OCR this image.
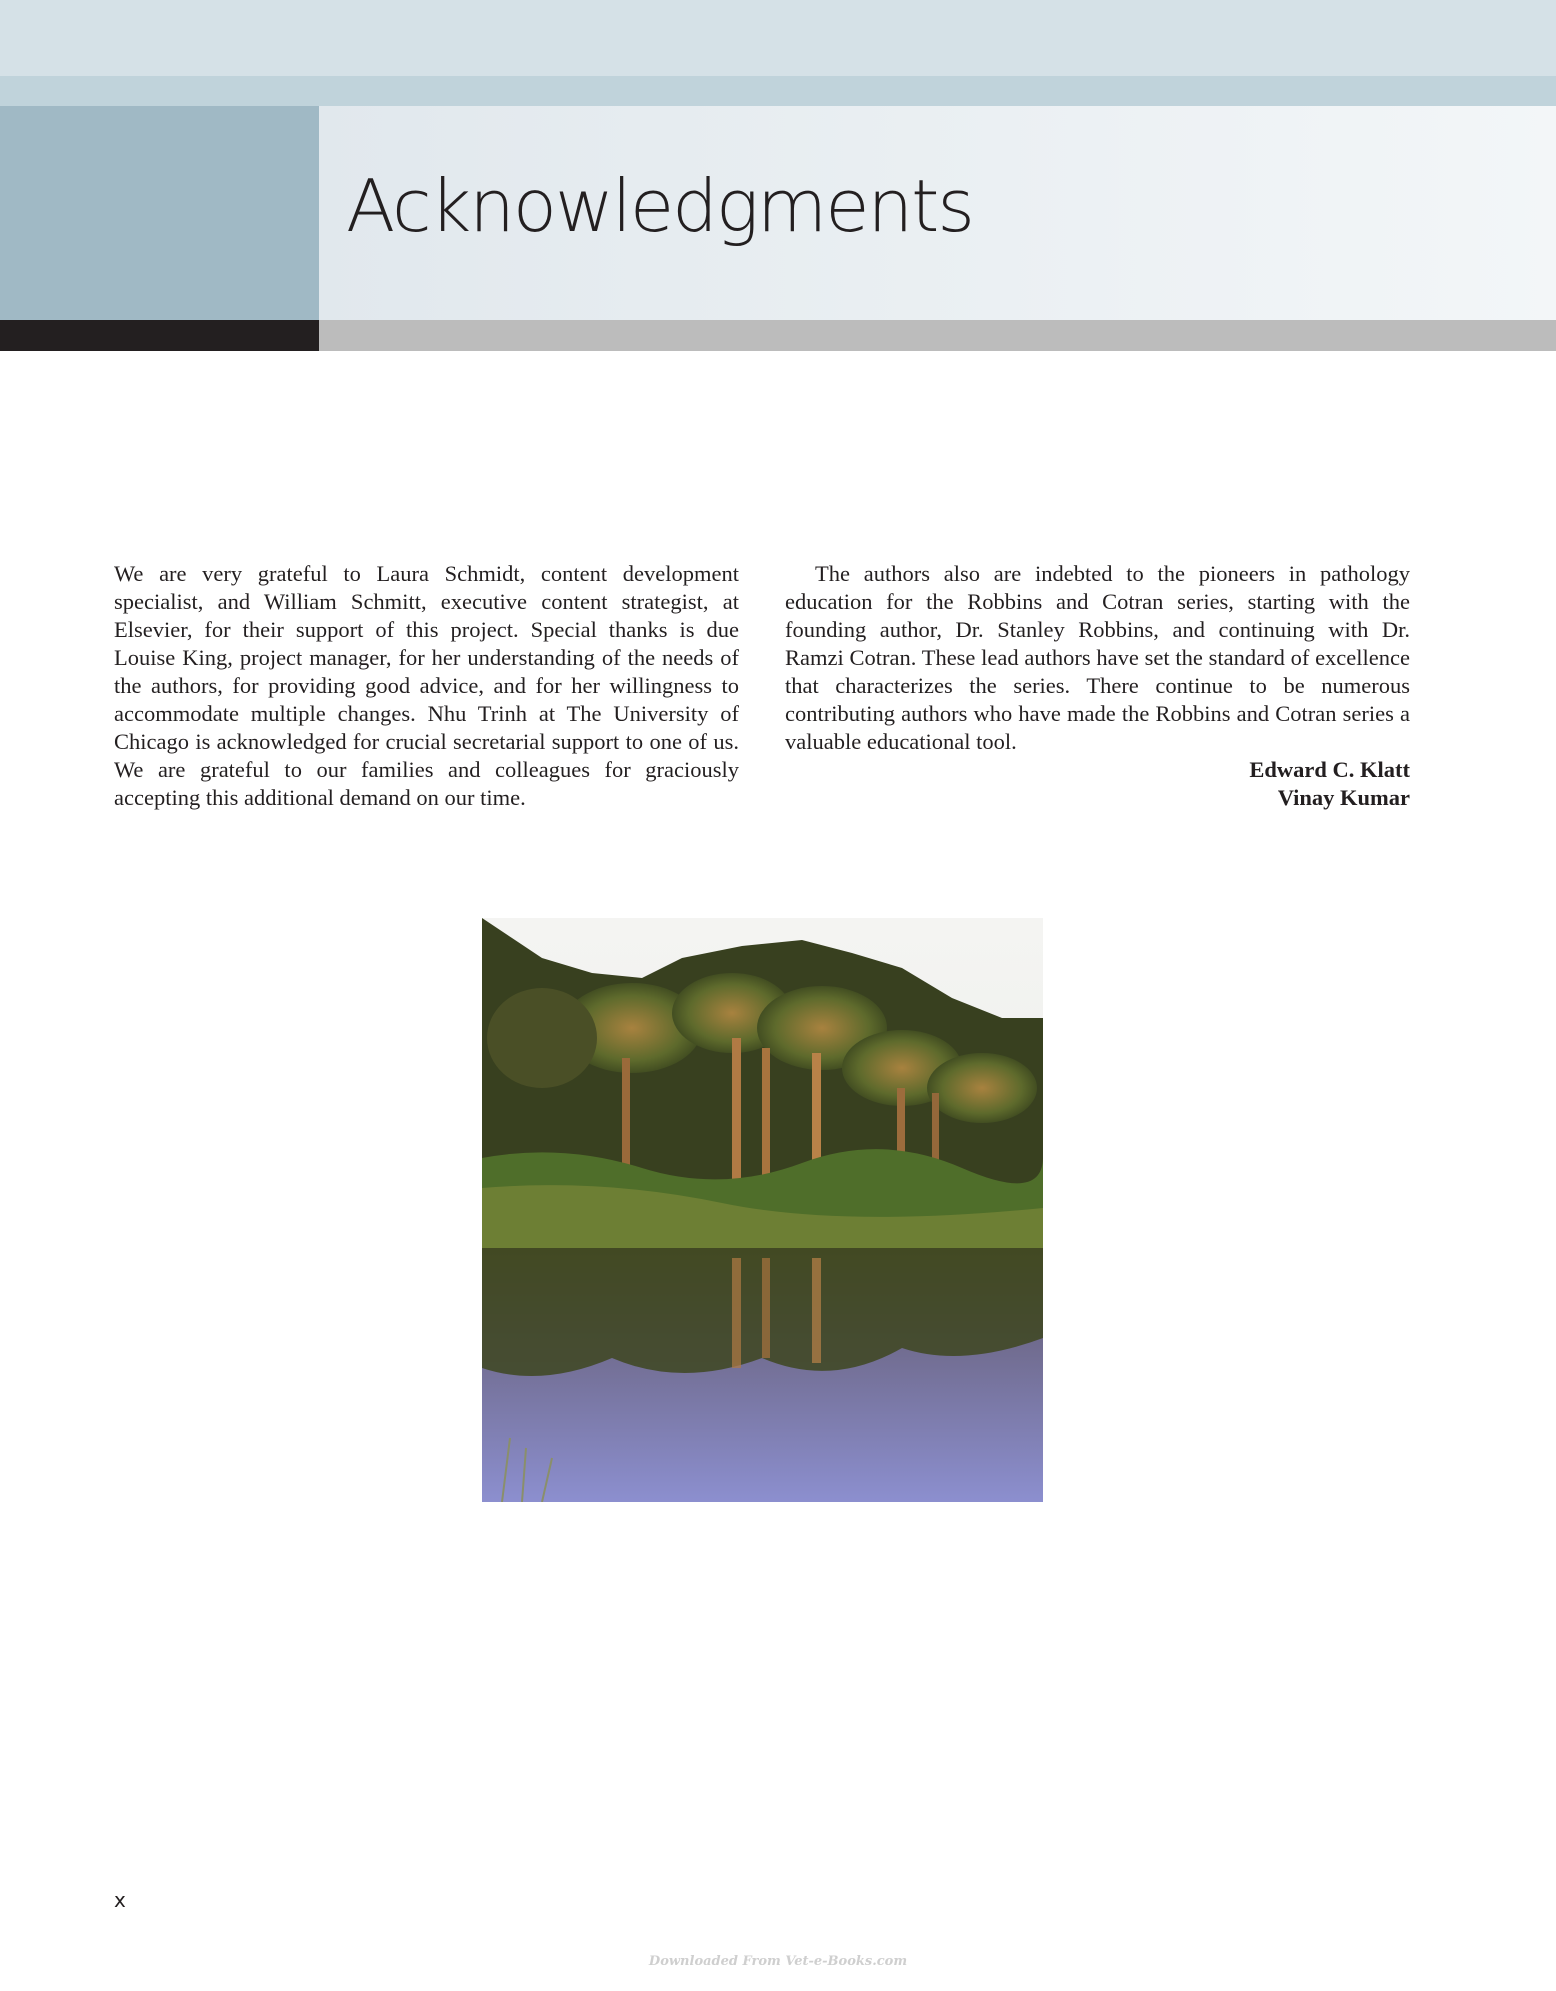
Acknowledgments

We are very grateful to Laura Schmidt, content development specialist, and William Schmitt, executive content strategist, at Elsevier, for their support of this project. Special thanks is due Louise King, project manager, for her understanding of the needs of the authors, for providing good advice, and for her willingness to accommodate multiple changes. Nhu Trinh at The University of Chicago is acknowledged for crucial secretarial support to one of us. We are grateful to our families and colleagues for graciously accepting this additional demand on our time.

The authors also are indebted to the pioneers in pathology education for the Robbins and Cotran series, starting with the founding author, Dr. Stanley Robbins, and continuing with Dr. Ramzi Cotran. These lead authors have set the standard of excellence that characterizes the series. There continue to be numerous contributing authors who have made the Robbins and Cotran series a valuable educational tool.

Edward C. Klatt
Vinay Kumar
x
Downloaded From Vet-e-Books.com
